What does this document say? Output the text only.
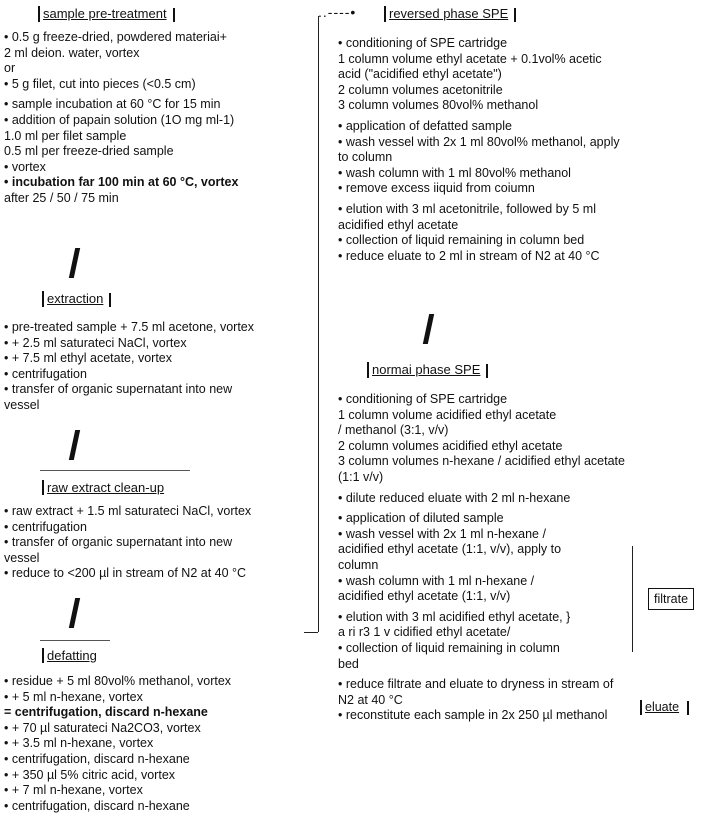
sample pre-treatment
• 0.5 g freeze-dried, powdered materiai+
2 ml deion. water, vortex
or
• 5 g filet, cut into pieces (<0.5 cm)
• sample incubation at 60 °C for 15 min
• addition of papain solution (1O mg ml-1)
1.0 ml per filet sample
0.5 ml per freeze-dried sample
• vortex
• incubation far 100 min at 60 °C, vortex
after 25 / 50 / 75 min
extraction
• pre-treated sample + 7.5 ml acetone, vortex
• + 2.5 ml saturateci NaCl, vortex
• + 7.5 ml ethyl acetate, vortex
• centrifugation
• transfer of organic supernatant into new
vessel
raw extract clean-up
• raw extract + 1.5 ml saturateci NaCl, vortex
• centrifugation
• transfer of organic supernatant into new
vessel
• reduce to <200 µl in stream of N2 at 40 °C
defatting
• residue + 5 ml 80vol% methanol, vortex
• + 5 ml n-hexane, vortex
= centrifugation, discard n-hexane
• + 70 µl saturateci Na2CO3, vortex
• + 3.5 ml n-hexane, vortex
• centrifugation, discard n-hexane
• + 350 µl 5% citric acid, vortex
• + 7 ml n-hexane, vortex
• centrifugation, discard n-hexane
..----•	reversed phase SPE
• conditioning of SPE cartridge
1 column volume ethyl acetate + 0.1vol% acetic
acid ("acidified ethyl acetate")
2 column volumes acetonitrile
3 column volumes 80vol% methanol
• application of defatted sample
• wash vessel with 2x 1 ml 80vol% methanol, apply
to column
• wash column with 1 ml 80vol% methanol
• remove excess iiquid from coiumn
• elution with 3 ml acetonitrile, followed by 5 ml
acidified ethyl acetate
• collection of liquid remaining in column bed
• reduce eluate to 2 ml in stream of N2 at 40 °C
normai phase SPE
• conditioning of SPE cartridge
1 column volume acidified ethyl acetate
/ methanol (3:1, v/v)
2 column volumes acidified ethyl acetate
3 column volumes n-hexane / acidified ethyl acetate
(1:1 v/v)
• dilute reduced eluate with 2 ml n-hexane
• application of diluted sample
• wash vessel with 2x 1 ml n-hexane /
acidified ethyl acetate (1:1, v/v), apply to
column
• wash column with 1 ml n-hexane /
acidified ethyl acetate (1:1, v/v)
• elution with 3 ml acidified ethyl acetate, }
a ri r3 1 v cidified ethyl acetate/
• collection of liquid remaining in column
bed
• reduce filtrate and eluate to dryness in stream of
N2 at 40 °C
• reconstitute each sample in 2x 250 µl methanol
filtrate
eluate
